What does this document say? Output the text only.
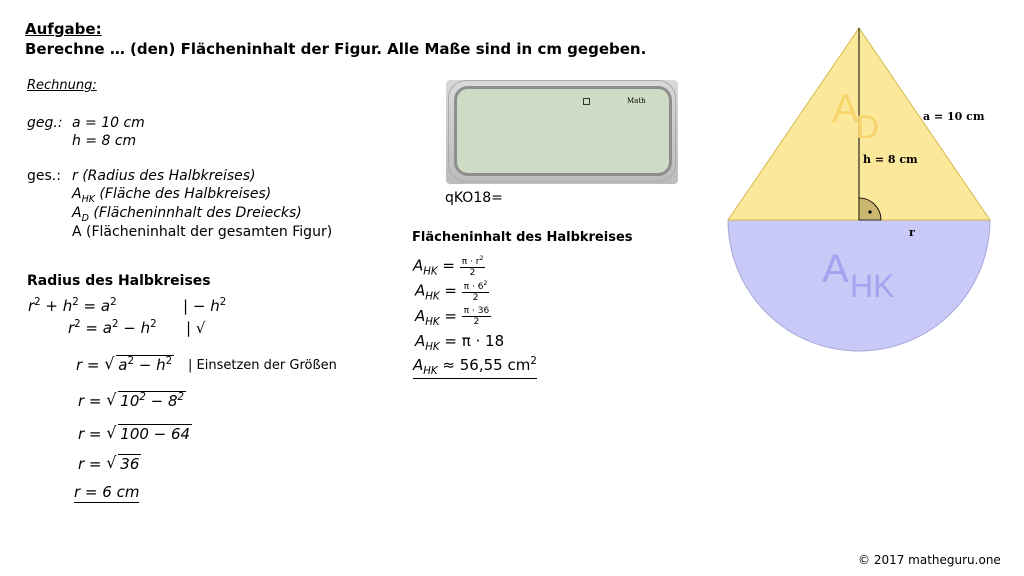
Aufgabe:
Berechne … (den) Flächeninhalt der Figur. Alle Maße sind in cm gegeben.
Rechnung:
geg.: a = 10 cm
h = 8 cm
ges.: r (Radius des Halbkreises)
$A_{HK}$ (Fläche des Halbkreises)
$A_D$ (Flächeninnhalt des Dreiecks)
A (Flächeninhalt der gesamten Figur)
Radius des Halbkreises
$r^2 + h^2 = a^2$	| − $h^2$
$r^2 = a^2 - h^2$ | √
r = √ $a^2 - h^2$ | Einsetzen der Größen
r = √ $10^2 - 8^2$
r = √ 100 − 64
r = √ 36
r = 6 cm
Math
qKO18=
Flächeninhalt des Halbkreises
$A_{HK} = \frac{\pi \cdot r^2}{2}$
$A_{HK} = \frac{\pi \cdot 6^2}{2}$
$A_{HK} = \frac{\pi \cdot 36}{2}$
$A_{HK} = \pi \cdot 18$
$A_{HK} \approx 56,55$ $cm^2$
A
D	a = 10 cm
h = 8 cm
r
A HK
© 2017 matheguru.one
